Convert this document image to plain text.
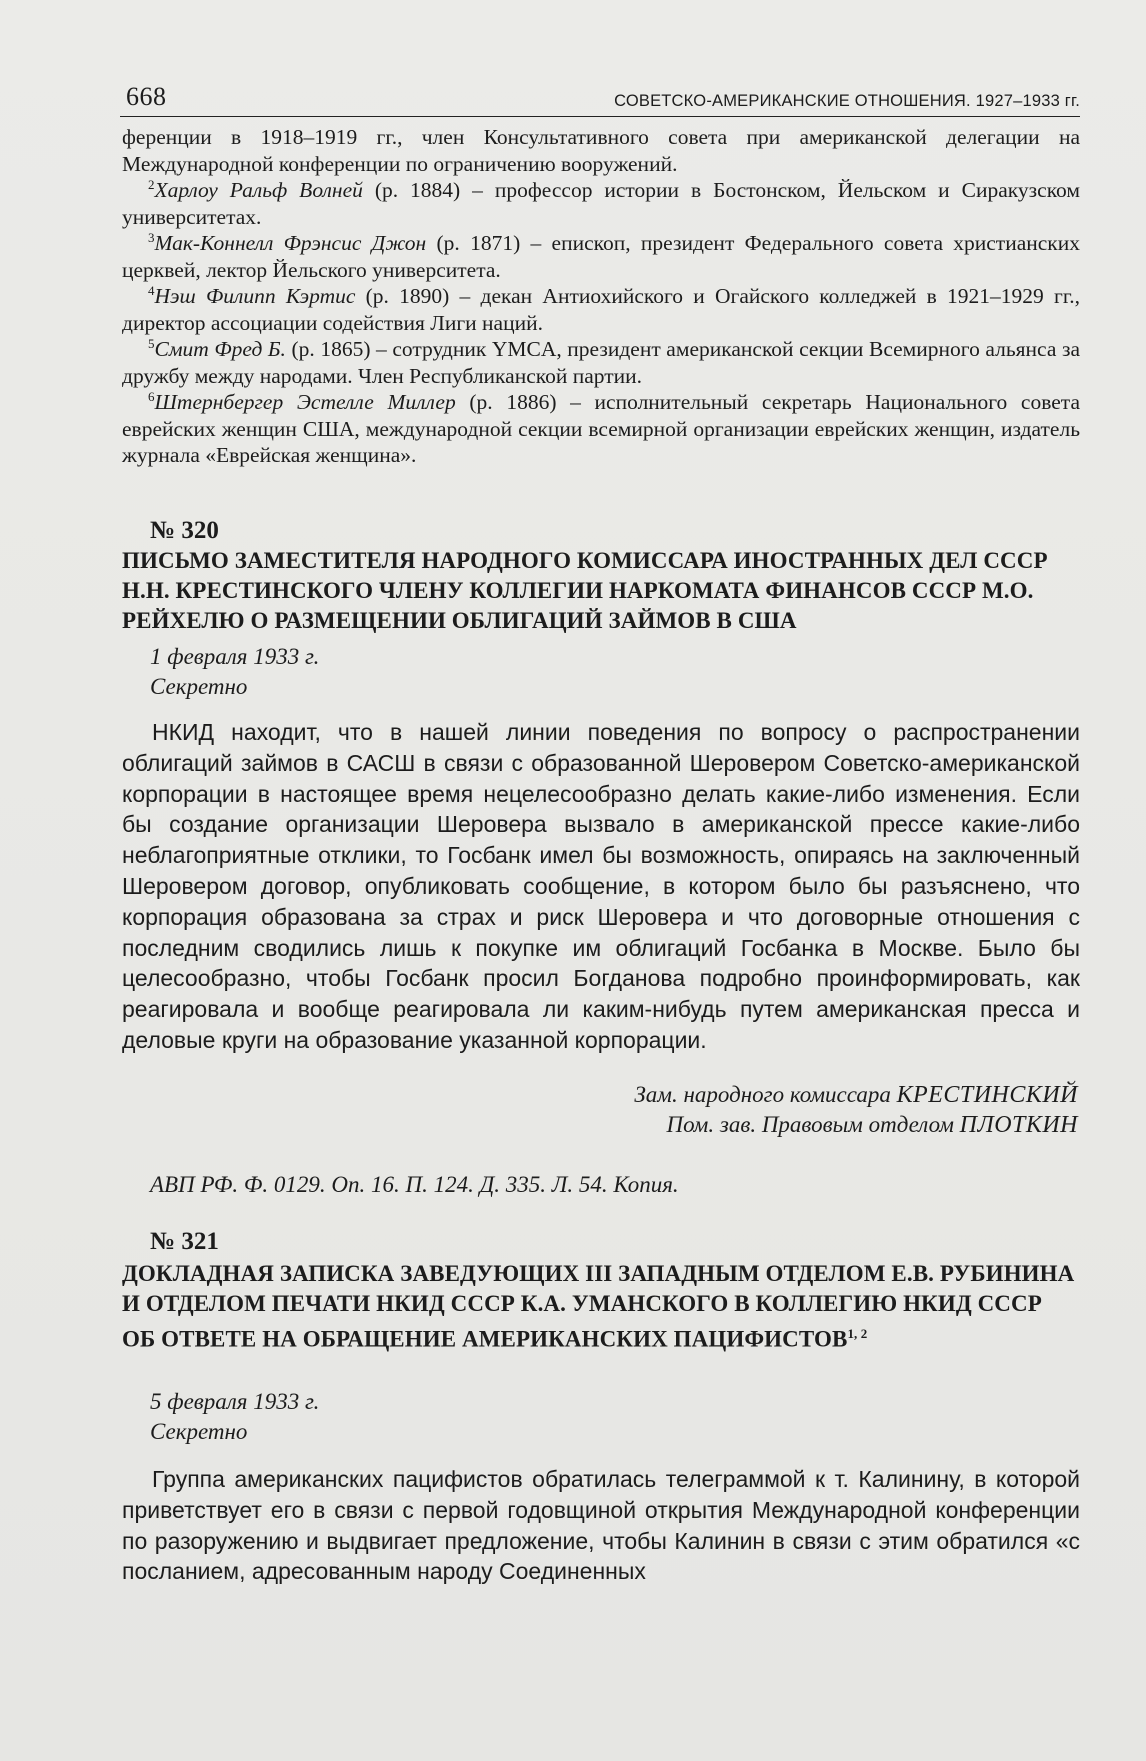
668	СОВЕТСКО-АМЕРИКАНСКИЕ ОТНОШЕНИЯ. 1927–1933 гг.

ференции в 1918–1919 гг., член Консультативного совета при американской делегации на Международной конференции по ограничению вооружений.

$^2$Харлоу Ральф Волней (р. 1884) – профессор истории в Бостонском, Йельском и Сиракузском университетах.

$^3$Мак-Коннелл Фрэнсис Джон (р. 1871) – епископ, президент Федерального совета христианских церквей, лектор Йельского университета.

$^4$Нэш Филипп Кэртис (р. 1890) – декан Антиохийского и Огайского колледжей в 1921–1929 гг., директор ассоциации содействия Лиги наций.

$^5$Смит Фред Б. (р. 1865) – сотрудник YMCA, президент американской секции Всемирного альянса за дружбу между народами. Член Республиканской партии.

$^6$Штернбергер Эстелле Миллер (р. 1886) – исполнительный секретарь Национального совета еврейских женщин США, международной секции всемирной организации еврейских женщин, издатель журнала «Еврейская женщина».

№ 320
ПИСЬМО ЗАМЕСТИТЕЛЯ НАРОДНОГО КОМИССАРА ИНОСТРАННЫХ ДЕЛ СССР Н.Н. КРЕСТИНСКОГО ЧЛЕНУ КОЛЛЕГИИ НАРКОМАТА ФИНАНСОВ СССР М.О. РЕЙХЕЛЮ О РАЗМЕЩЕНИИ ОБЛИГАЦИЙ ЗАЙМОВ В США
1 февраля 1933 г.
Секретно

НКИД находит, что в нашей линии поведения по вопросу о распространении облигаций займов в САСШ в связи с образованной Шеровером Советско-американской корпорации в настоящее время нецелесообразно делать какие-либо изменения. Если бы создание организации Шеровера вызвало в американской прессе какие-либо неблагоприятные отклики, то Госбанк имел бы возможность, опираясь на заключенный Шеровером договор, опубликовать сообщение, в котором было бы разъяснено, что корпорация образована за страх и риск Шеровера и что договорные отношения с последним сводились лишь к покупке им облигаций Госбанка в Москве. Было бы целесообразно, чтобы Госбанк просил Богданова подробно проинформировать, как реагировала и вообще реагировала ли каким-нибудь путем американская пресса и деловые круги на образование указанной корпорации.

Зам. народного комиссара КРЕСТИНСКИЙ
Пом. зав. Правовым отделом ПЛОТКИН
АВП РФ. Ф. 0129. Оп. 16. П. 124. Д. 335. Л. 54. Копия.
№ 321
ДОКЛАДНАЯ ЗАПИСКА ЗАВЕДУЮЩИХ III ЗАПАДНЫМ ОТДЕЛОМ Е.В. РУБИНИНА И ОТДЕЛОМ ПЕЧАТИ НКИД СССР К.А. УМАНСКОГО В КОЛЛЕГИЮ НКИД СССР ОБ ОТВЕТЕ НА ОБРАЩЕНИЕ АМЕРИКАНСКИХ ПАЦИФИСТОВ$^{1, 2}$
5 февраля 1933 г.
Секретно

Группа американских пацифистов обратилась телеграммой к т. Калинину, в которой приветствует его в связи с первой годовщиной открытия Международной конференции по разоружению и выдвигает предложение, чтобы Калинин в связи с этим обратился «с посланием, адресованным народу Соединенных
